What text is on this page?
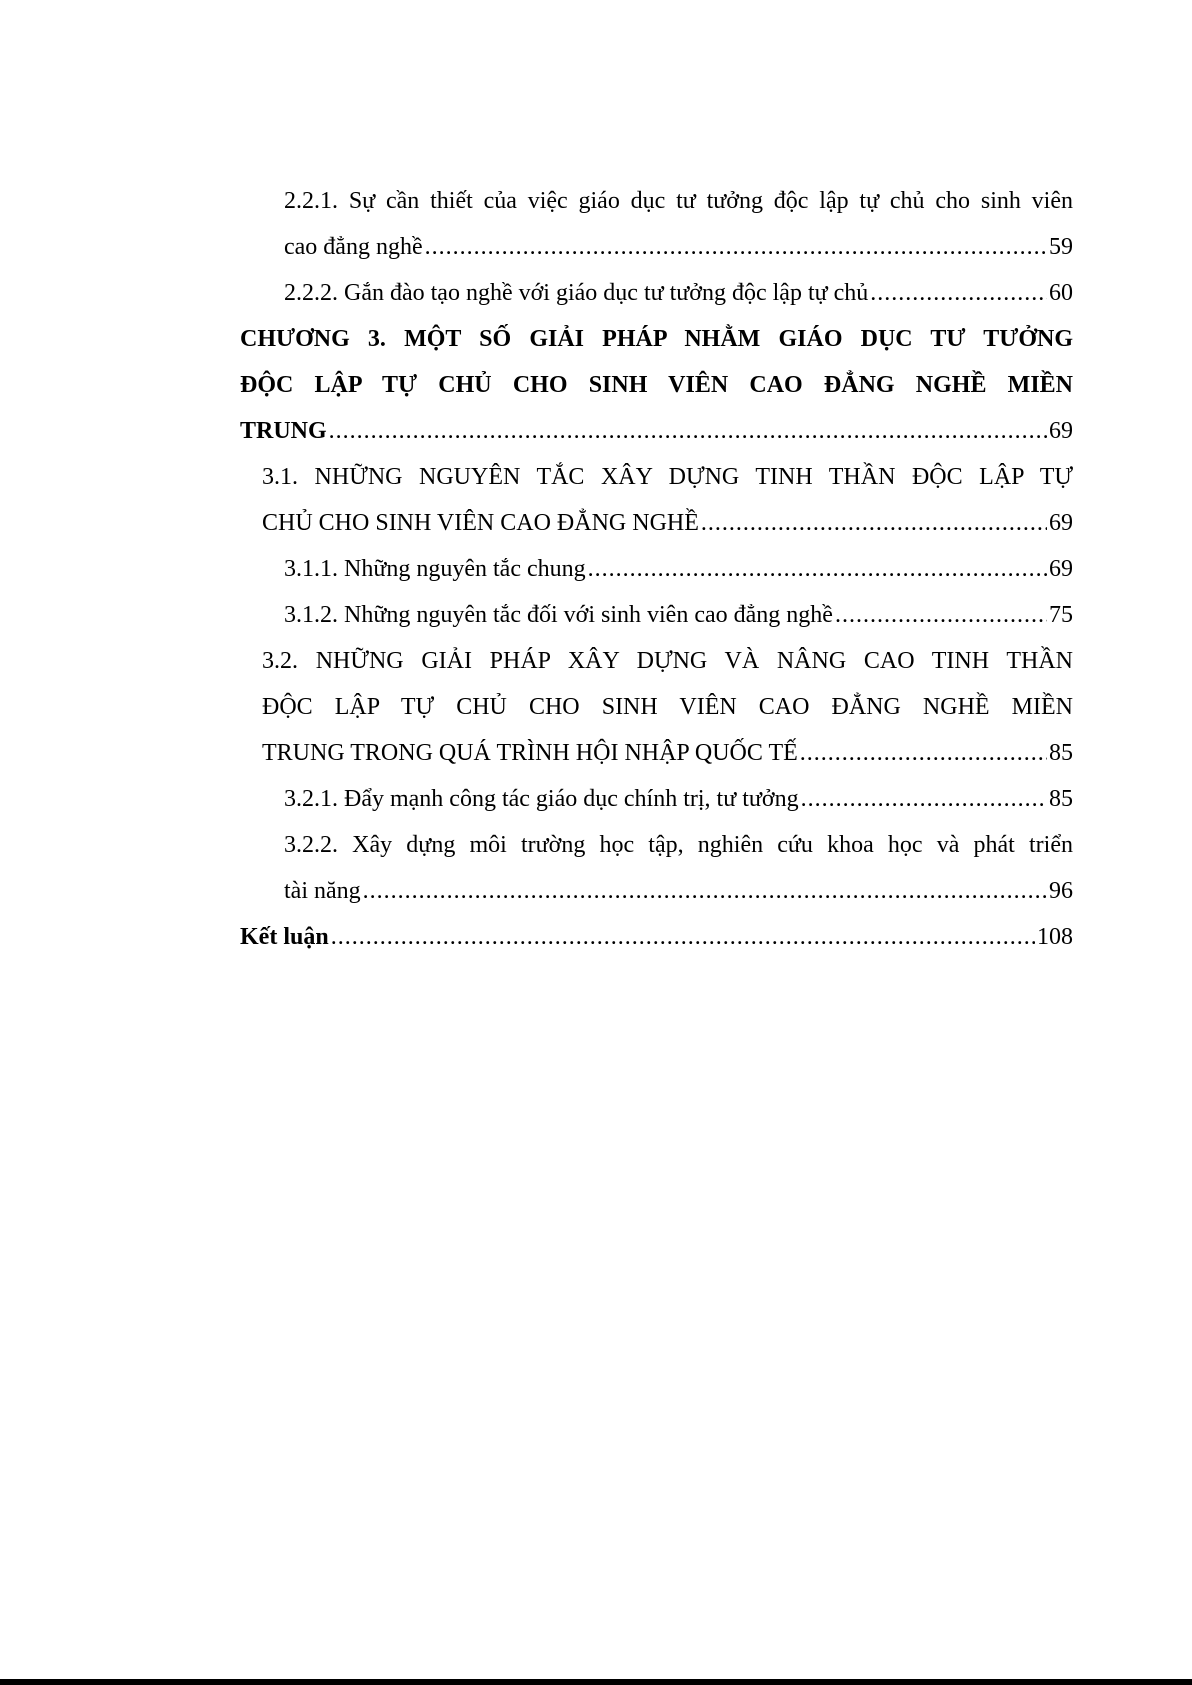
2.2.1. Sự cần thiết của việc giáo dục tư tưởng độc lập tự chủ cho sinh viên
cao đẳng nghề .....	59
2.2.2. Gắn đào tạo nghề với giáo dục tư tưởng độc lập tự chủ .....	60
CHƯƠNG 3. MỘT SỐ GIẢI PHÁP NHẰM GIÁO DỤC TƯ TƯỞNG
ĐỘC LẬP TỰ CHỦ CHO SINH VIÊN CAO ĐẲNG NGHỀ MIỀN
TRUNG .....	69
3.1. NHỮNG NGUYÊN TẮC XÂY DỰNG TINH THẦN ĐỘC LẬP TỰ
CHỦ CHO SINH VIÊN CAO ĐẲNG NGHỀ .....	69
3.1.1. Những nguyên tắc chung .....	69
3.1.2. Những nguyên tắc đối với sinh viên cao đẳng nghề .....	75
3.2. NHỮNG GIẢI PHÁP XÂY DỰNG VÀ NÂNG CAO TINH THẦN
ĐỘC LẬP TỰ CHỦ CHO SINH VIÊN CAO ĐẲNG NGHỀ MIỀN
TRUNG TRONG QUÁ TRÌNH HỘI NHẬP QUỐC TẾ .....	85
3.2.1. Đẩy mạnh công tác giáo dục chính trị, tư tưởng .....	85
3.2.2. Xây dựng môi trường học tập, nghiên cứu khoa học và phát triển
tài năng .....	96
Kết luận .....	108
